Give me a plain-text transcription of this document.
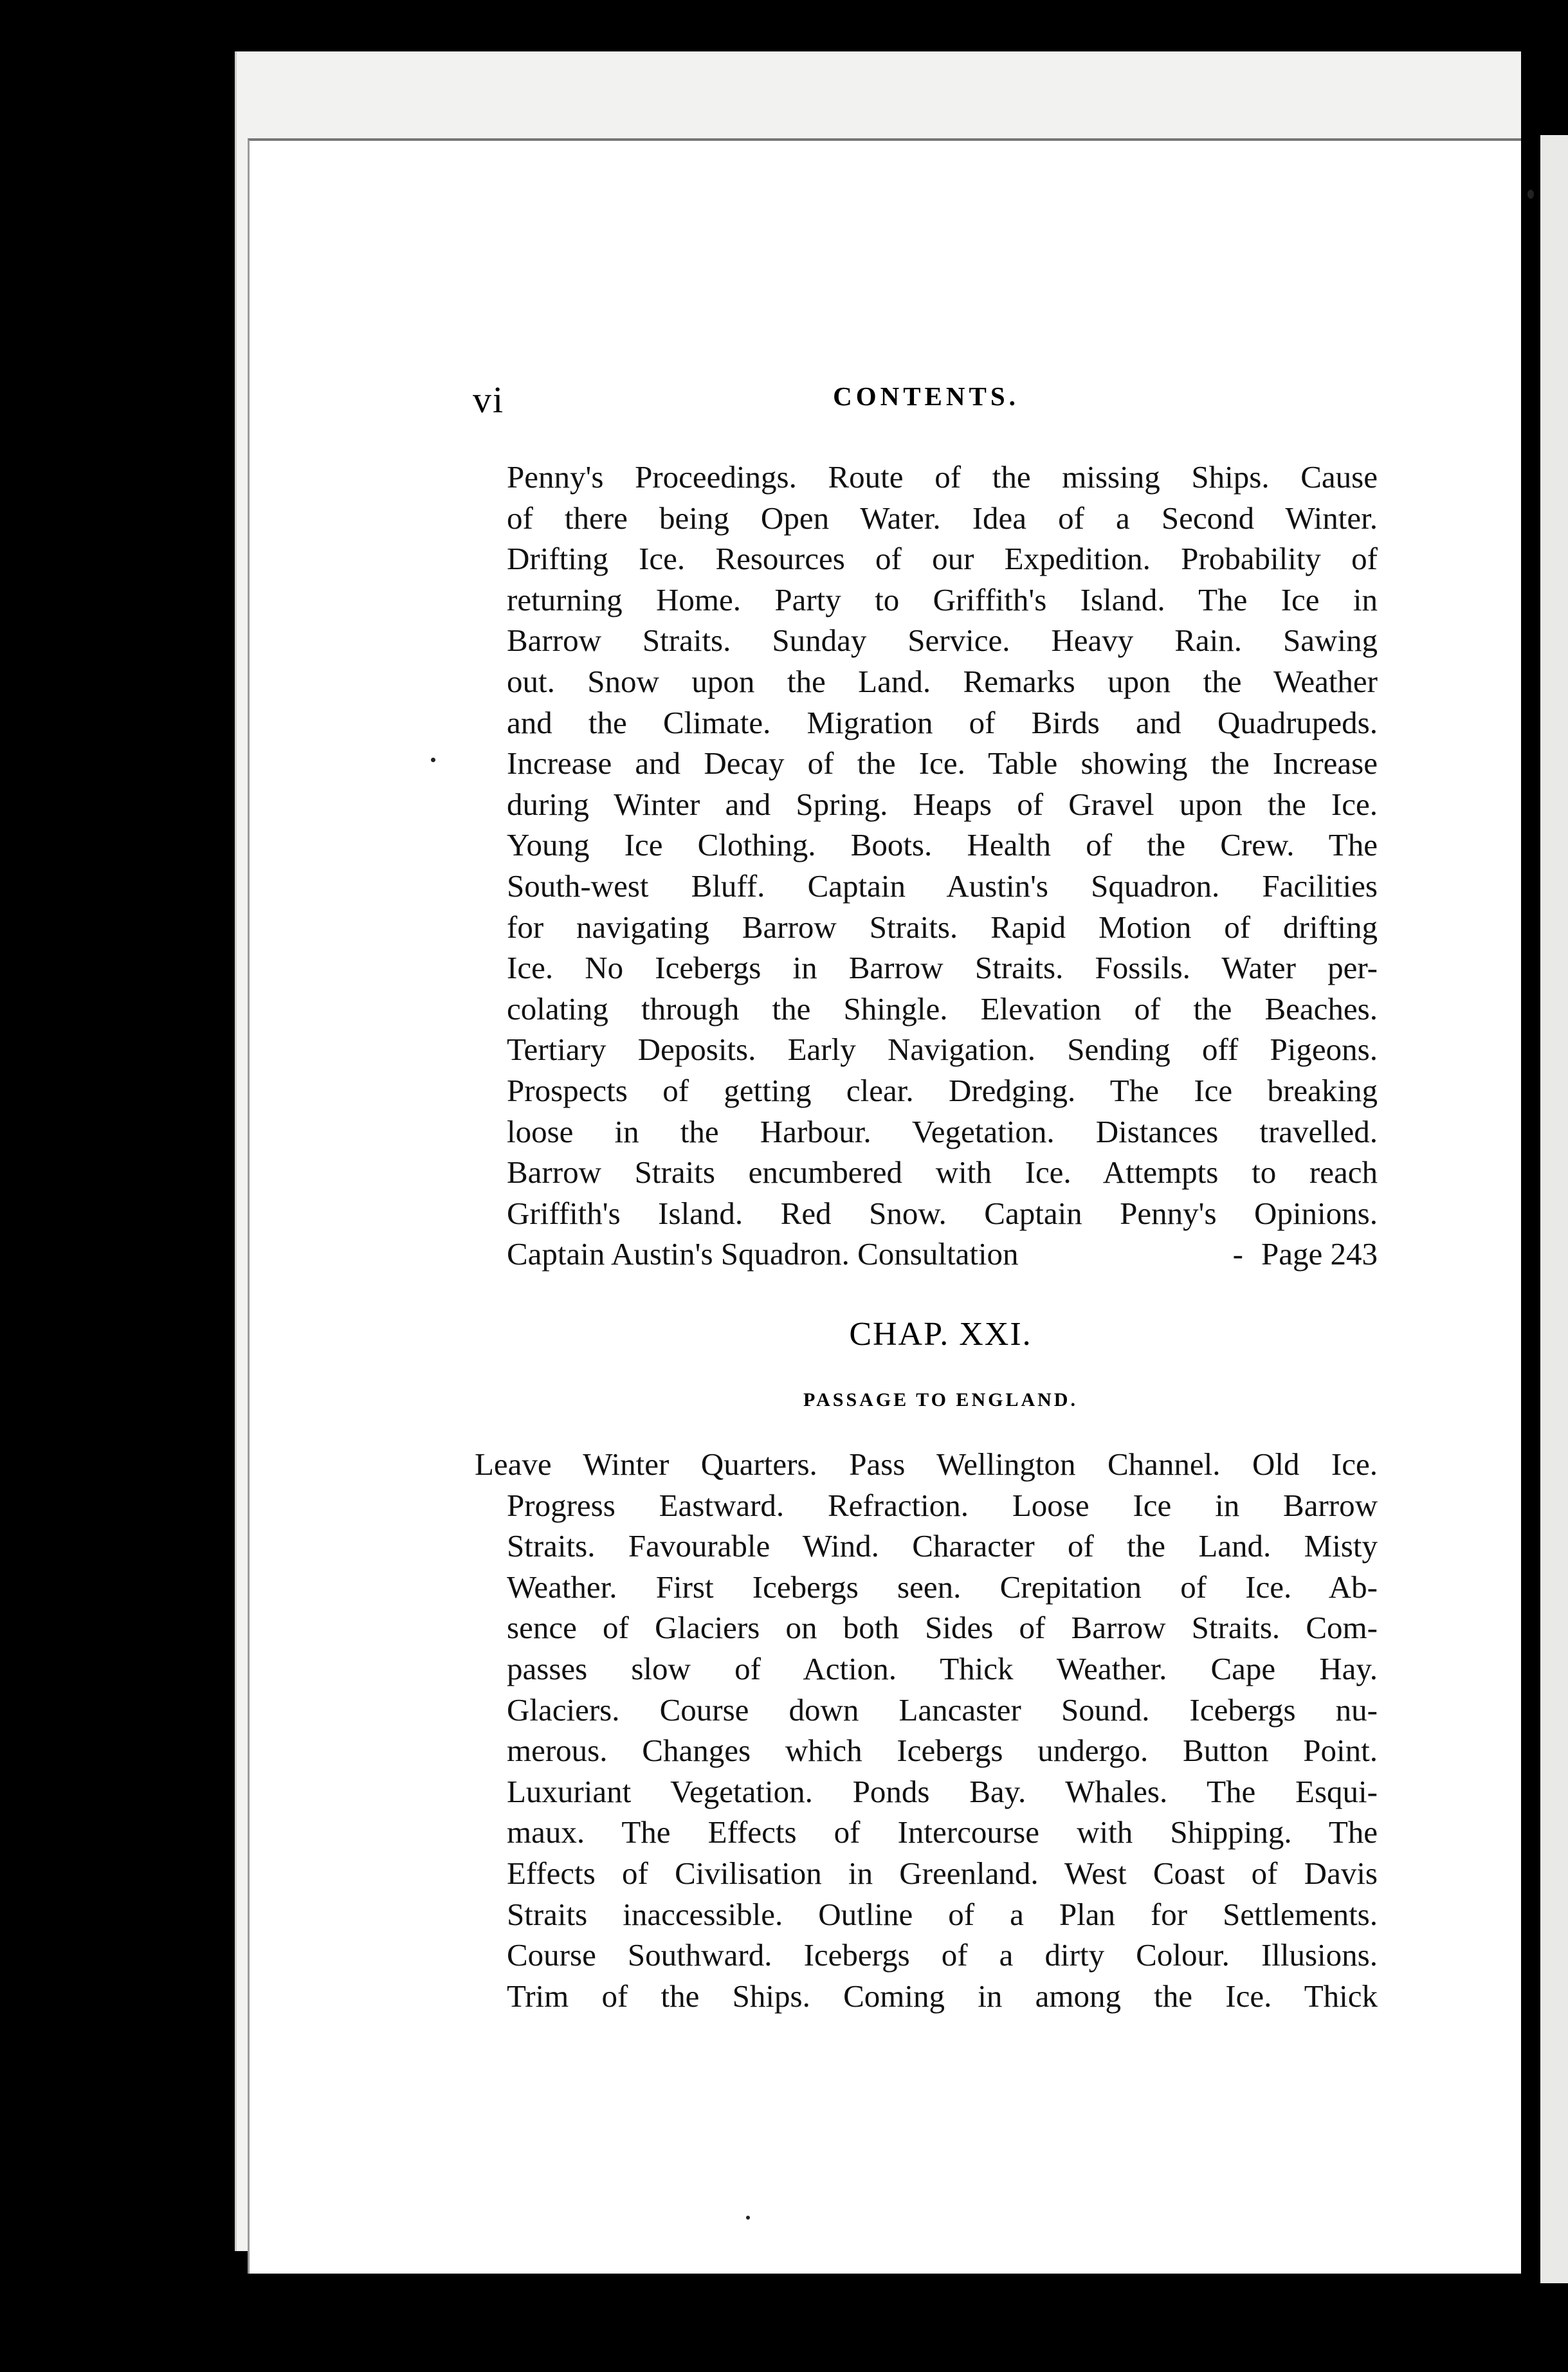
vi	CONTENTS.
Penny's Proceedings. Route of the missing Ships. Cause
of there being Open Water. Idea of a Second Winter.
Drifting Ice. Resources of our Expedition. Probability of
returning Home. Party to Griffith's Island. The Ice in
Barrow Straits. Sunday Service. Heavy Rain. Sawing
out. Snow upon the Land. Remarks upon the Weather
and the Climate. Migration of Birds and Quadrupeds.
Increase and Decay of the Ice. Table showing the Increase
during Winter and Spring. Heaps of Gravel upon the Ice.
Young Ice Clothing. Boots. Health of the Crew. The
South-west Bluff. Captain Austin's Squadron. Facilities
for navigating Barrow Straits. Rapid Motion of drifting
Ice. No Icebergs in Barrow Straits. Fossils. Water per-
colating through the Shingle. Elevation of the Beaches.
Tertiary Deposits. Early Navigation. Sending off Pigeons.
Prospects of getting clear. Dredging. The Ice breaking
loose in the Harbour. Vegetation. Distances travelled.
Barrow Straits encumbered with Ice. Attempts to reach
Griffith's Island. Red Snow. Captain Penny's Opinions.
Captain Austin's Squadron. Consultation	- Page 243
CHAP. XXI.
PASSAGE TO ENGLAND.
Leave Winter Quarters. Pass Wellington Channel. Old Ice.
Progress Eastward. Refraction. Loose Ice in Barrow
Straits. Favourable Wind. Character of the Land. Misty
Weather. First Icebergs seen. Crepitation of Ice. Ab-
sence of Glaciers on both Sides of Barrow Straits. Com-
passes slow of Action. Thick Weather. Cape Hay.
Glaciers. Course down Lancaster Sound. Icebergs nu-
merous. Changes which Icebergs undergo. Button Point.
Luxuriant Vegetation. Ponds Bay. Whales. The Esqui-
maux. The Effects of Intercourse with Shipping. The
Effects of Civilisation in Greenland. West Coast of Davis
Straits inaccessible. Outline of a Plan for Settlements.
Course Southward. Icebergs of a dirty Colour. Illusions.
Trim of the Ships. Coming in among the Ice. Thick
